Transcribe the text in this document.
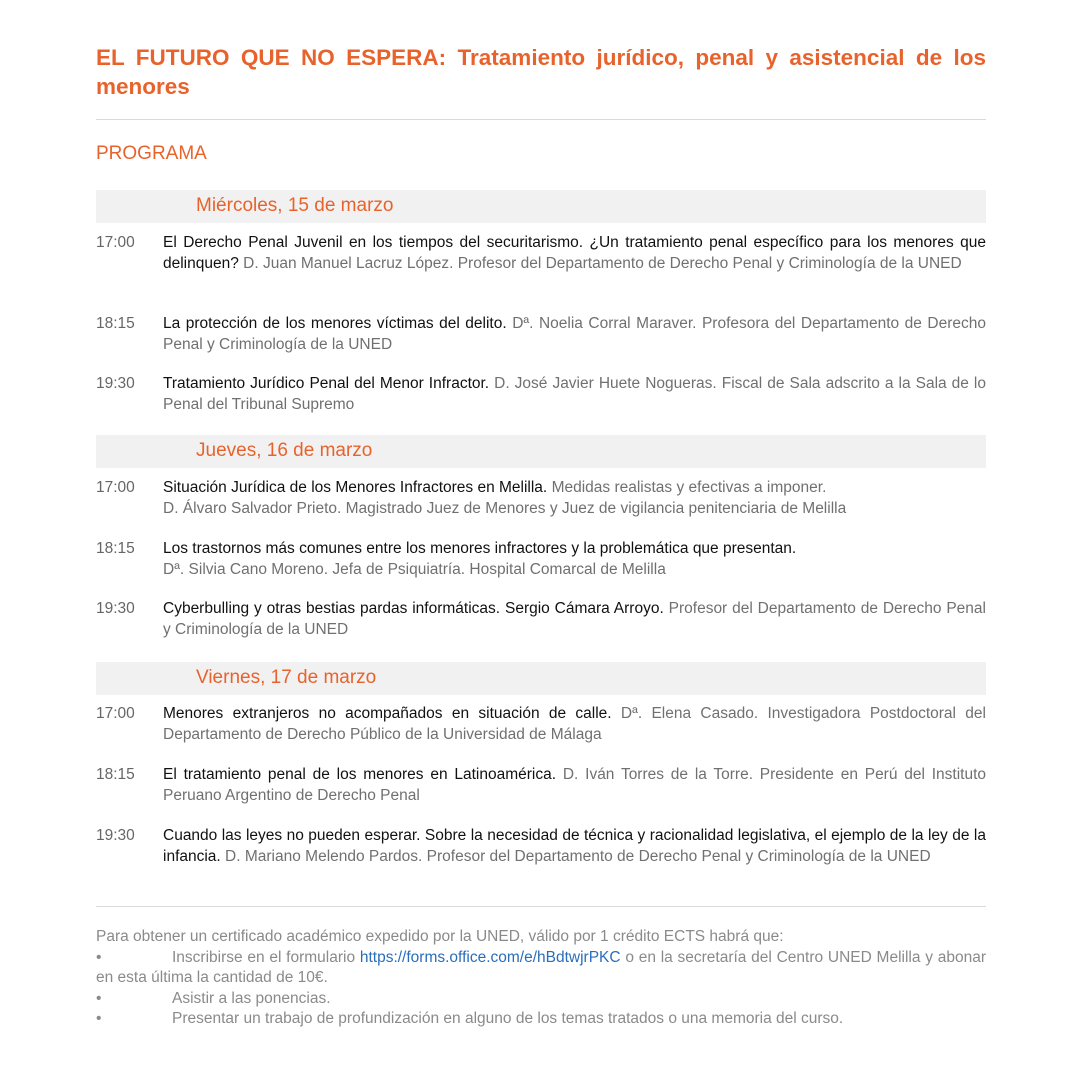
EL FUTURO QUE NO ESPERA: Tratamiento jurídico, penal y asistencial de los menores
PROGRAMA
Miércoles, 15 de marzo
17:00 El Derecho Penal Juvenil en los tiempos del securitarismo. ¿Un tratamiento penal específico para los menores que delinquen? D. Juan Manuel Lacruz López. Profesor del Departamento de Derecho Penal y Criminología de la UNED
18:15 La protección de los menores víctimas del delito. Dª. Noelia Corral Maraver. Profesora del Departamento de Derecho Penal y Criminología de la UNED
19:30 Tratamiento Jurídico Penal del Menor Infractor. D. José Javier Huete Nogueras. Fiscal de Sala adscrito a la Sala de lo Penal del Tribunal Supremo
Jueves, 16 de marzo
17:00 Situación Jurídica de los Menores Infractores en Melilla. Medidas realistas y efectivas a imponer.
D. Álvaro Salvador Prieto. Magistrado Juez de Menores y Juez de vigilancia penitenciaria de Melilla
18:15 Los trastornos más comunes entre los menores infractores y la problemática que presentan.
Dª. Silvia Cano Moreno. Jefa de Psiquiatría. Hospital Comarcal de Melilla
19:30 Cyberbulling y otras bestias pardas informáticas. Sergio Cámara Arroyo. Profesor del Departamento de Derecho Penal y Criminología de la UNED
Viernes, 17 de marzo
17:00 Menores extranjeros no acompañados en situación de calle. Dª. Elena Casado. Investigadora Postdoctoral del Departamento de Derecho Público de la Universidad de Málaga
18:15 El tratamiento penal de los menores en Latinoamérica. D. Iván Torres de la Torre. Presidente en Perú del Instituto Peruano Argentino de Derecho Penal
19:30 Cuando las leyes no pueden esperar. Sobre la necesidad de técnica y racionalidad legislativa, el ejemplo de la ley de la infancia. D. Mariano Melendo Pardos. Profesor del Departamento de Derecho Penal y Criminología de la UNED
Para obtener un certificado académico expedido por la UNED, válido por 1 crédito ECTS habrá que:
•	Inscribirse en el formulario https://forms.office.com/e/hBdtwjrPKC o en la secretaría del Centro UNED Melilla y abonar en esta última la cantidad de 10€.
•	Asistir a las ponencias.
•	Presentar un trabajo de profundización en alguno de los temas tratados o una memoria del curso.
